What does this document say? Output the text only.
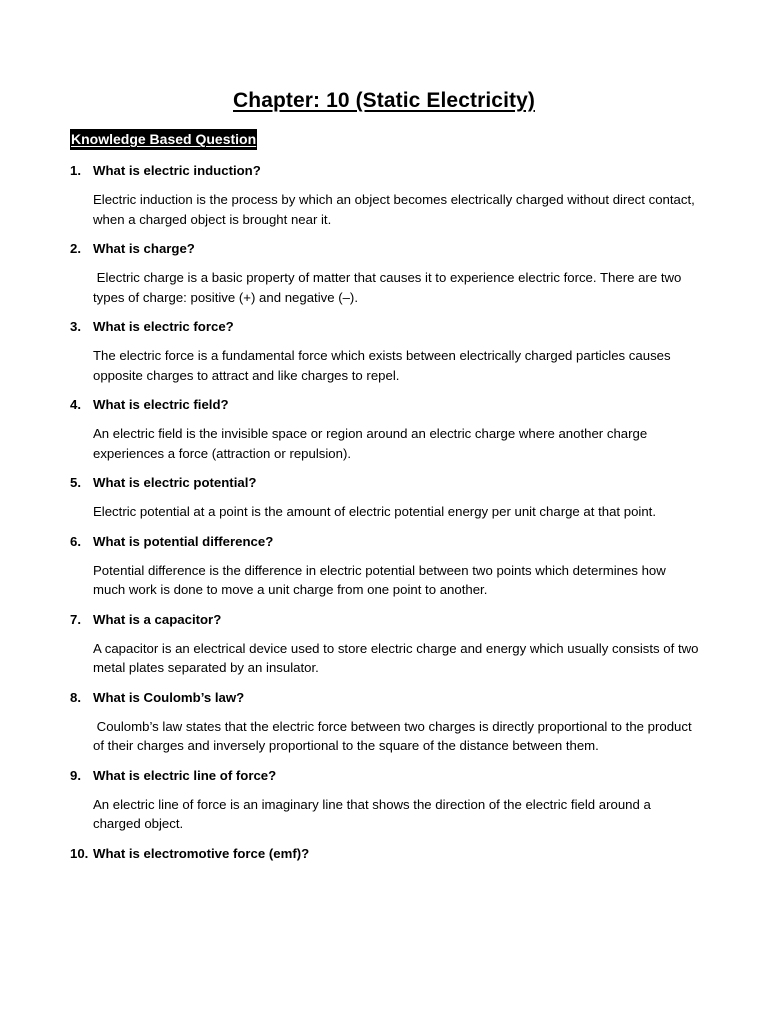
Chapter: 10 (Static Electricity)
Knowledge Based Question
1. What is electric induction?
Electric induction is the process by which an object becomes electrically charged without direct contact, when a charged object is brought near it.
2. What is charge?
Electric charge is a basic property of matter that causes it to experience electric force. There are two types of charge: positive (+) and negative (–).
3. What is electric force?
The electric force is a fundamental force which exists between electrically charged particles causes opposite charges to attract and like charges to repel.
4. What is electric field?
An electric field is the invisible space or region around an electric charge where another charge experiences a force (attraction or repulsion).
5. What is electric potential?
Electric potential at a point is the amount of electric potential energy per unit charge at that point.
6. What is potential difference?
Potential difference is the difference in electric potential between two points which determines how much work is done to move a unit charge from one point to another.
7. What is a capacitor?
A capacitor is an electrical device used to store electric charge and energy which usually consists of two metal plates separated by an insulator.
8. What is Coulomb’s law?
Coulomb’s law states that the electric force between two charges is directly proportional to the product of their charges and inversely proportional to the square of the distance between them.
9. What is electric line of force?
An electric line of force is an imaginary line that shows the direction of the electric field around a charged object.
10. What is electromotive force (emf)?
